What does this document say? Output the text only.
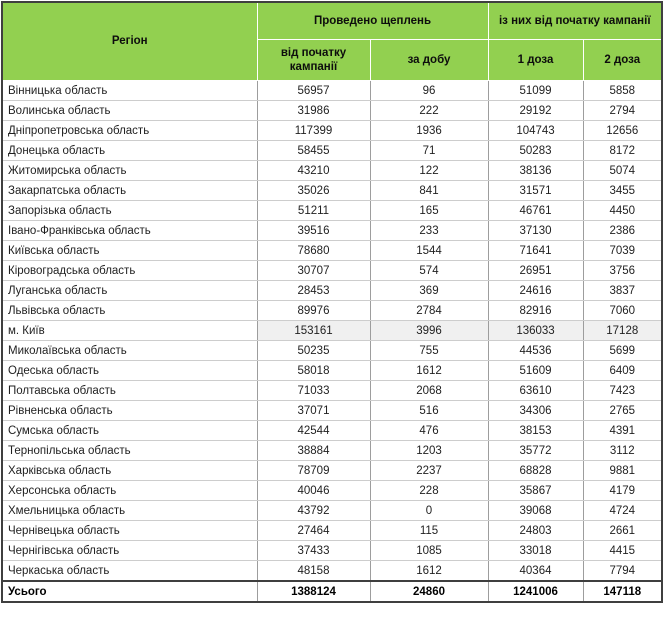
Регіон	Проведено щеплень		із них від початку кампанії	
	від початку кампанії	за добу	1 доза	2 доза
Вінницька область	56957	96	51099	5858
Волинська область	31986	222	29192	2794
Дніпропетровська область	117399	1936	104743	12656
Донецька область	58455	71	50283	8172
Житомирська область	43210	122	38136	5074
Закарпатська область	35026	841	31571	3455
Запорізька область	51211	165	46761	4450
Івано-Франківська область	39516	233	37130	2386
Київська область	78680	1544	71641	7039
Кіровоградська область	30707	574	26951	3756
Луганська область	28453	369	24616	3837
Львівська область	89976	2784	82916	7060
м. Київ	153161	3996	136033	17128
Миколаївська область	50235	755	44536	5699
Одеська область	58018	1612	51609	6409
Полтавська область	71033	2068	63610	7423
Рівненська область	37071	516	34306	2765
Сумська область	42544	476	38153	4391
Тернопільська область	38884	1203	35772	3112
Харківська область	78709	2237	68828	9881
Херсонська область	40046	228	35867	4179
Хмельницька область	43792	0	39068	4724
Чернівецька область	27464	115	24803	2661
Чернігівська область	37433	1085	33018	4415
Черкаська область	48158	1612	40364	7794
Усього	1388124	24860	1241006	147118
